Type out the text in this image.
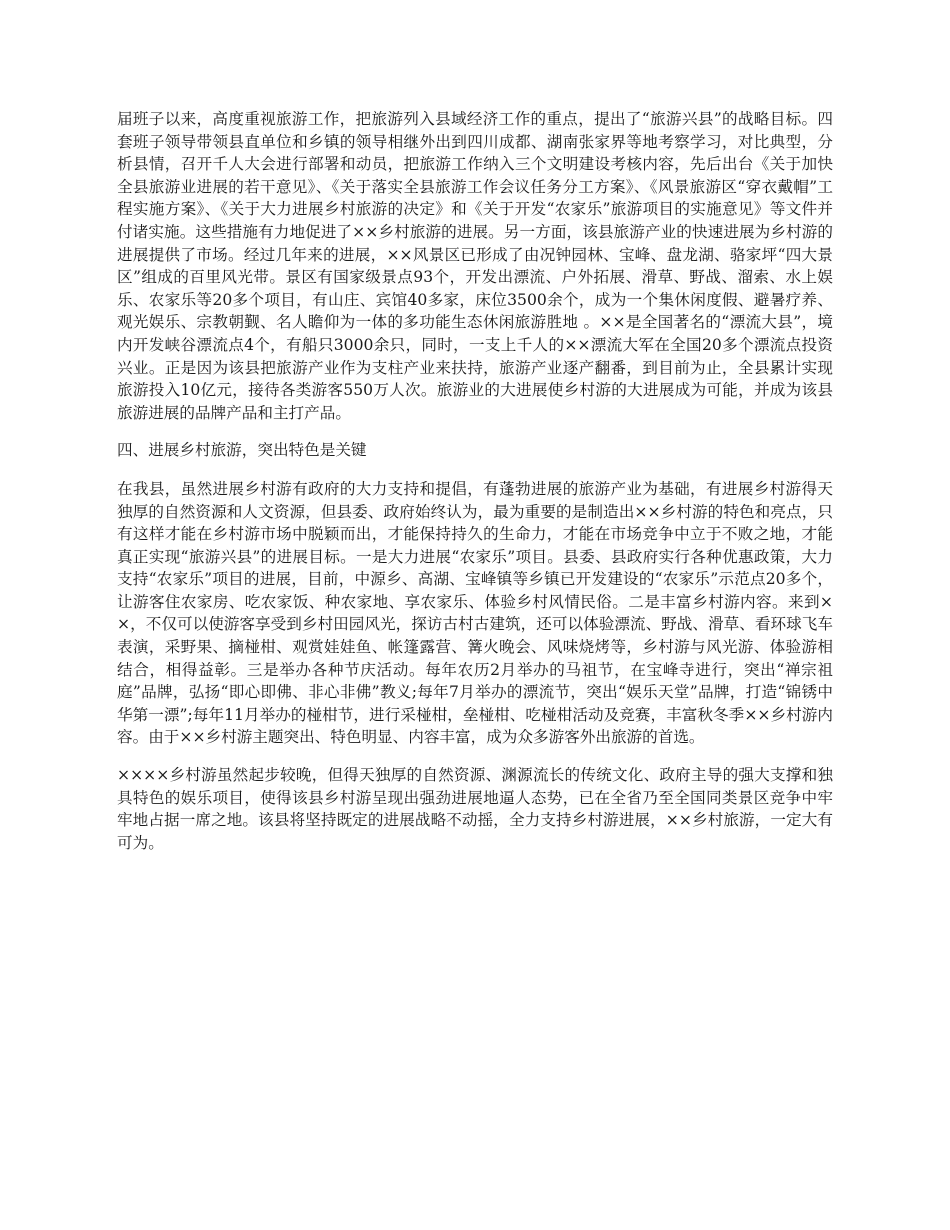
届班子以来，高度重视旅游工作，把旅游列入县域经济工作的重点，提出了“旅游兴县”的战略目标。四套班子领导带领县直单位和乡镇的领导相继外出到四川成都、湖南张家界等地考察学习，对比典型，分析县情，召开千人大会进行部署和动员，把旅游工作纳入三个文明建设考核内容，先后出台《关于加快全县旅游业进展的若干意见》、《关于落实全县旅游工作会议任务分工方案》、《风景旅游区“穿衣戴帽”工程实施方案》、《关于大力进展乡村旅游的决定》和《关于开发“农家乐”旅游项目的实施意见》等文件并付诸实施。这些措施有力地促进了××乡村旅游的进展。另一方面，该县旅游产业的快速进展为乡村游的进展提供了市场。经过几年来的进展，××风景区已形成了由况钟园林、宝峰、盘龙湖、骆家坪“四大景区”组成的百里风光带。景区有国家级景点93个，开发出漂流、户外拓展、滑草、野战、溜索、水上娱乐、农家乐等20多个项目，有山庄、宾馆40多家，床位3500余个，成为一个集休闲度假、避暑疗养、观光娱乐、宗教朝觐、名人瞻仰为一体的多功能生态休闲旅游胜地 。××是全国著名的“漂流大县”，境内开发峡谷漂流点4个，有船只3000余只，同时，一支上千人的××漂流大军在全国20多个漂流点投资兴业。正是因为该县把旅游产业作为支柱产业来扶持，旅游产业逐产翻番，到目前为止，全县累计实现旅游投入10亿元，接待各类游客550万人次。旅游业的大进展使乡村游的大进展成为可能，并成为该县旅游进展的品牌产品和主打产品。

四、进展乡村旅游，突出特色是关键

在我县，虽然进展乡村游有政府的大力支持和提倡，有蓬勃进展的旅游产业为基础，有进展乡村游得天独厚的自然资源和人文资源，但县委、政府始终认为，最为重要的是制造出××乡村游的特色和亮点，只有这样才能在乡村游市场中脱颖而出，才能保持持久的生命力，才能在市场竞争中立于不败之地，才能真正实现“旅游兴县”的进展目标。一是大力进展“农家乐”项目。县委、县政府实行各种优惠政策，大力支持“农家乐”项目的进展，目前，中源乡、高湖、宝峰镇等乡镇已开发建设的“农家乐”示范点20多个，让游客住农家房、吃农家饭、种农家地、享农家乐、体验乡村风情民俗。二是丰富乡村游内容。来到××，不仅可以使游客享受到乡村田园风光，探访古村古建筑，还可以体验漂流、野战、滑草、看环球飞车表演，采野果、摘椪柑、观赏娃娃鱼、帐篷露营、篝火晚会、风味烧烤等，乡村游与风光游、体验游相结合，相得益彰。三是举办各种节庆活动。每年农历2月举办的马祖节，在宝峰寺进行，突出“禅宗祖庭”品牌，弘扬“即心即佛、非心非佛”教义;每年7月举办的漂流节，突出“娱乐天堂”品牌，打造“锦锈中华第一漂”;每年11月举办的椪柑节，进行采椪柑，垒椪柑、吃椪柑活动及竞赛，丰富秋冬季××乡村游内容。由于××乡村游主题突出、特色明显、内容丰富，成为众多游客外出旅游的首选。

××××乡村游虽然起步较晚，但得天独厚的自然资源、渊源流长的传统文化、政府主导的强大支撑和独具特色的娱乐项目，使得该县乡村游呈现出强劲进展地逼人态势，已在全省乃至全国同类景区竞争中牢牢地占据一席之地。该县将坚持既定的进展战略不动摇，全力支持乡村游进展，××乡村旅游，一定大有可为。
